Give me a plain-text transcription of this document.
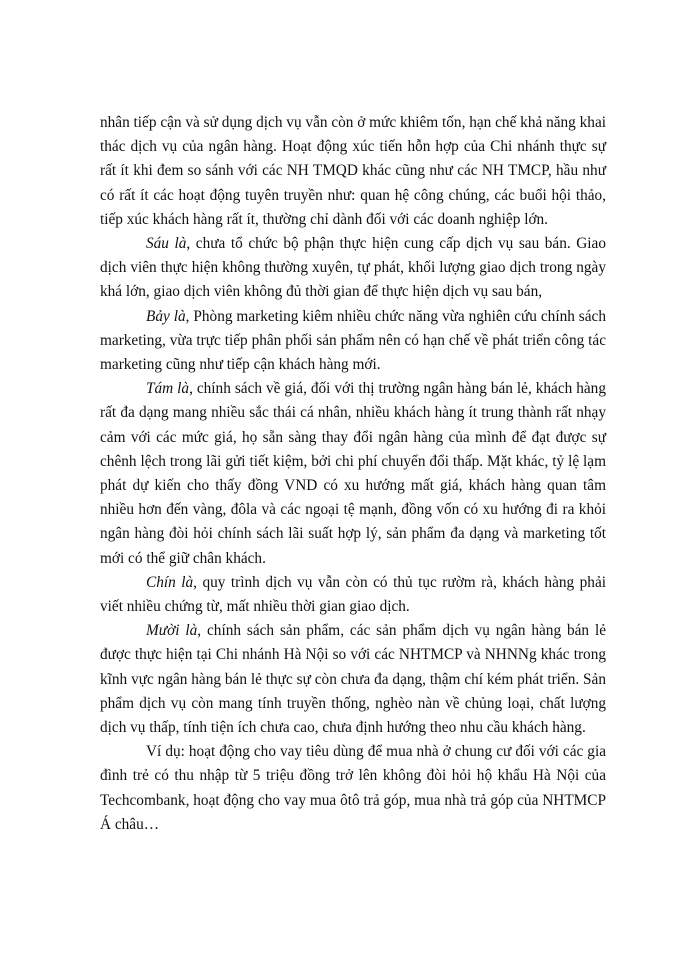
nhân tiếp cận và sử dụng dịch vụ vẫn còn ở mức khiêm tốn, hạn chế khả năng khai thác dịch vụ của ngân hàng. Hoạt động xúc tiến hỗn hợp của Chi nhánh thực sự rất ít khi đem so sánh với các NH TMQD khác cũng như các NH TMCP, hầu như có rất ít các hoạt động tuyên truyền như: quan hệ công chúng, các buổi hội thảo, tiếp xúc khách hàng rất ít, thường chỉ dành đối với các doanh nghiệp lớn.

Sáu là, chưa tổ chức bộ phận thực hiện cung cấp dịch vụ sau bán. Giao dịch viên thực hiện không thường xuyên, tự phát, khối lượng giao dịch trong ngày khá lớn, giao dịch viên không đủ thời gian để thực hiện dịch vụ sau bán,

Bảy là, Phòng marketing kiêm nhiều chức năng vừa nghiên cứu chính sách marketing, vừa trực tiếp phân phối sản phẩm nên có hạn chế về phát triển công tác marketing cũng như tiếp cận khách hàng mới.

Tám là, chính sách về giá, đối với thị trường ngân hàng bán lẻ, khách hàng rất đa dạng mang nhiều sắc thái cá nhân, nhiều khách hàng ít trung thành rất nhạy cảm với các mức giá, họ sẵn sàng thay đổi ngân hàng của mình để đạt được sự chênh lệch trong lãi gửi tiết kiệm, bởi chi phí chuyển đổi thấp. Mặt khác, tỷ lệ lạm phát dự kiến cho thấy đồng VND có xu hướng mất giá, khách hàng quan tâm nhiều hơn đến vàng, đôla và các ngoại tệ mạnh, đồng vốn có xu hướng đi ra khỏi ngân hàng đòi hỏi chính sách lãi suất hợp lý, sản phẩm đa dạng và marketing tốt mới có thể giữ chân khách.

Chín là, quy trình dịch vụ vẫn còn có thủ tục rườm rà, khách hàng phải viết nhiều chứng từ, mất nhiều thời gian giao dịch.

Mười là, chính sách sản phẩm, các sản phẩm dịch vụ ngân hàng bán lẻ được thực hiện tại Chi nhánh Hà Nội so với các NHTMCP và NHNNg khác trong kĩnh vực ngân hàng bán lẻ thực sự còn chưa đa dạng, thậm chí kém phát triển. Sản phẩm dịch vụ còn mang tính truyền thống, nghèo nàn về chủng loại, chất lượng dịch vụ thấp, tính tiện ích chưa cao, chưa định hướng theo nhu cầu khách hàng.

Ví dụ: hoạt động cho vay tiêu dùng để mua nhà ở chung cư đối với các gia đình trẻ có thu nhập từ 5 triệu đồng trở lên không đòi hỏi hộ khẩu Hà Nội của Techcombank, hoạt động cho vay mua ôtô trả góp, mua nhà trả góp của NHTMCP Á châu…
